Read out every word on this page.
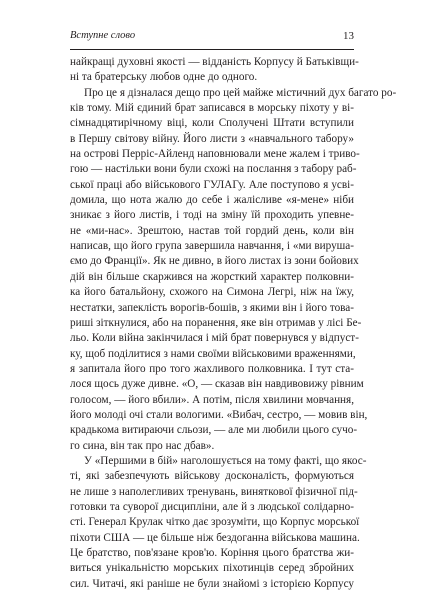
Вступне слово	13
найкращі духовні якості — відданість Корпусу й Батьківщи-
ні та братерську любов одне до одного.
Про це я дізналася дещо про цей майже містичний дух багато ро-
ків тому. Мій єдиний брат записався в морську піхоту у ві-
сімнадцятирічному віці, коли Сполучені Штати вступили
в Першу світову війну. Його листи з «навчального табору»
на острові Перріс-Айленд наповнювали мене жалем і триво-
гою — настільки вони були схожі на послання з табору раб-
ської праці або військового ГУЛАГу. Але поступово я усві-
домила, що нота жалю до себе і жалісливе «я-мене» ніби
зникає з його листів, і тоді на зміну їй проходить упевне-
не «ми-нас». Зрештою, настав той гордий день, коли він
написав, що його група завершила навчання, і «ми вируша-
ємо до Франції». Як не дивно, в його листах із зони бойових
дій він більше скаржився на жорсткий характер полковни-
ка його батальйону, схожого на Симона Легрі, ніж на їжу,
нестатки, запеклість ворогів-бошів, з якими він і його това-
риші зіткнулися, або на поранення, яке він отримав у лісі Бе-
льо. Коли війна закінчилася і мій брат повернувся у відпуст-
ку, щоб поділитися з нами своїми військовими враженнями,
я запитала його про того жахливого полковника. І тут ста-
лося щось дуже дивне. «О, — сказав він навдивовижу рівним
голосом, — його вбили». А потім, після хвилини мовчання,
його молоді очі стали вологими. «Вибач, сестро, — мовив він,
крадькома витираючи сльози, — але ми любили цього сучо-
го сина, він так про нас дбав».
У «Першими в бій» наголошується на тому факті, що якос-
ті, які забезпечують військову досконалість, формуються
не лише з наполегливих тренувань, виняткової фізичної під-
готовки та суворої дисципліни, але й з людської солідарно-
сті. Генерал Крулак чітко дає зрозуміти, що Корпус морської
піхоти США — це більше ніж бездоганна військова машина.
Це братство, пов'язане кров'ю. Коріння цього братства жи-
виться унікальністю морських піхотинців серед збройних
сил. Читачі, які раніше не були знайомі з історією Корпусу
